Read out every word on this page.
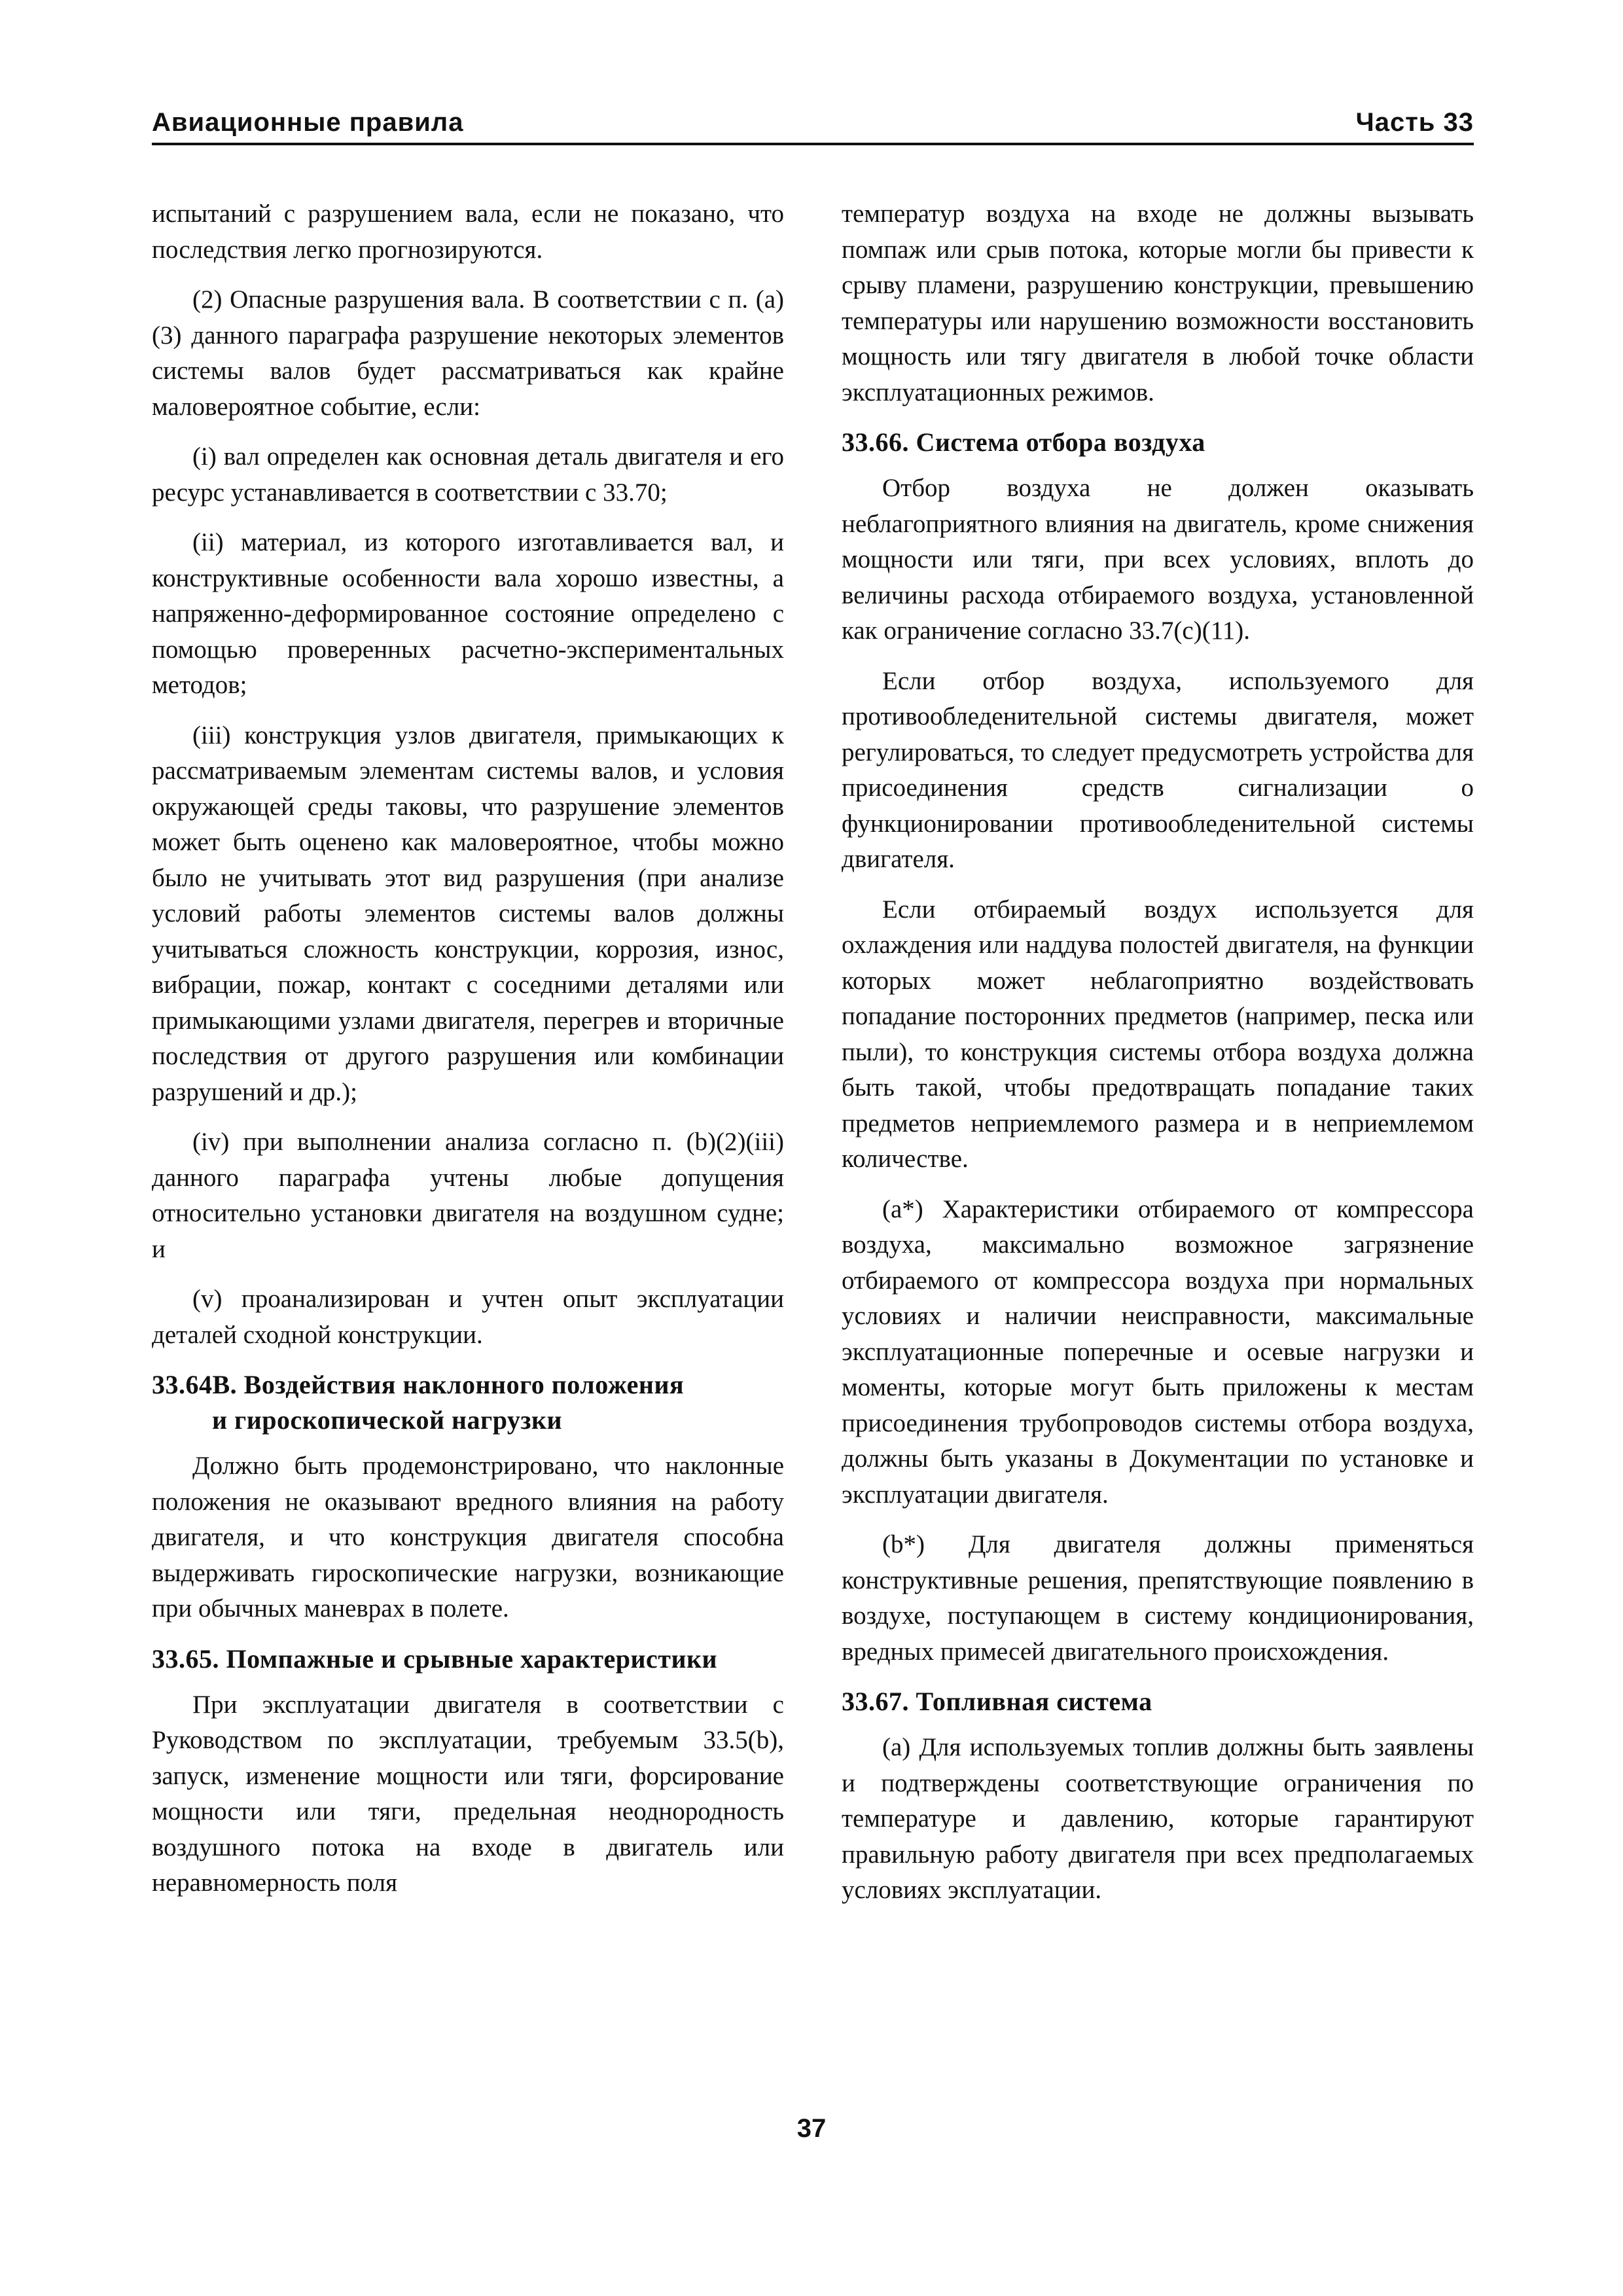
Авиационные правила	Часть 33

испытаний с разрушением вала, если не показано, что последствия легко прогнозируются.

(2) Опасные разрушения вала. В соответствии с п. (a)(3) данного параграфа разрушение некоторых элементов системы валов будет рассматриваться как крайне маловероятное событие, если:

(i) вал определен как основная деталь двигателя и его ресурс устанавливается в соответствии с 33.70;

(ii) материал, из которого изготавливается вал, и конструктивные особенности вала хорошо известны, а напряженно-деформированное состояние определено с помощью проверенных расчетно-экспериментальных методов;

(iii) конструкция узлов двигателя, примыкающих к рассматриваемым элементам системы валов, и условия окружающей среды таковы, что разрушение элементов может быть оценено как маловероятное, чтобы можно было не учитывать этот вид разрушения (при анализе условий работы элементов системы валов должны учитываться сложность конструкции, коррозия, износ, вибрации, пожар, контакт с соседними деталями или примыкающими узлами двигателя, перегрев и вторичные последствия от другого разрушения или комбинации разрушений и др.);

(iv) при выполнении анализа согласно п. (b)(2)(iii) данного параграфа учтены любые допущения относительно установки двигателя на воздушном судне; и

(v) проанализирован и учтен опыт эксплуатации деталей сходной конструкции.

33.64B. Воздействия наклонного положения
и гироскопической нагрузки

Должно быть продемонстрировано, что наклонные положения не оказывают вредного влияния на работу двигателя, и что конструкция двигателя способна выдерживать гироскопические нагрузки, возникающие при обычных маневрах в полете.

33.65. Помпажные и срывные характеристики

При эксплуатации двигателя в соответствии с Руководством по эксплуатации, требуемым 33.5(b), запуск, изменение мощности или тяги, форсирование мощности или тяги, предельная неоднородность воздушного потока на входе в двигатель или неравномерность поля

температур воздуха на входе не должны вызывать помпаж или срыв потока, которые могли бы привести к срыву пламени, разрушению конструкции, превышению температуры или нарушению возможности восстановить мощность или тягу двигателя в любой точке области эксплуатационных режимов.

33.66. Система отбора воздуха

Отбор воздуха не должен оказывать неблагоприятного влияния на двигатель, кроме снижения мощности или тяги, при всех условиях, вплоть до величины расхода отбираемого воздуха, установленной как ограничение согласно 33.7(c)(11).

Если отбор воздуха, используемого для противообледенительной системы двигателя, может регулироваться, то следует предусмотреть устройства для присоединения средств сигнализации о функционировании противообледенительной системы двигателя.

Если отбираемый воздух используется для охлаждения или наддува полостей двигателя, на функции которых может неблагоприятно воздействовать попадание посторонних предметов (например, песка или пыли), то конструкция системы отбора воздуха должна быть такой, чтобы предотвращать попадание таких предметов неприемлемого размера и в неприемлемом количестве.

(a*) Характеристики отбираемого от компрессора воздуха, максимально возможное загрязнение отбираемого от компрессора воздуха при нормальных условиях и наличии неисправности, максимальные эксплуатационные поперечные и осевые нагрузки и моменты, которые могут быть приложены к местам присоединения трубопроводов системы отбора воздуха, должны быть указаны в Документации по установке и эксплуатации двигателя.

(b*) Для двигателя должны применяться конструктивные решения, препятствующие появлению в воздухе, поступающем в систему кондиционирования, вредных примесей двигательного происхождения.

33.67. Топливная система

(a) Для используемых топлив должны быть заявлены и подтверждены соответствующие ограничения по температуре и давлению, которые гарантируют правильную работу двигателя при всех предполагаемых условиях эксплуатации.

37
